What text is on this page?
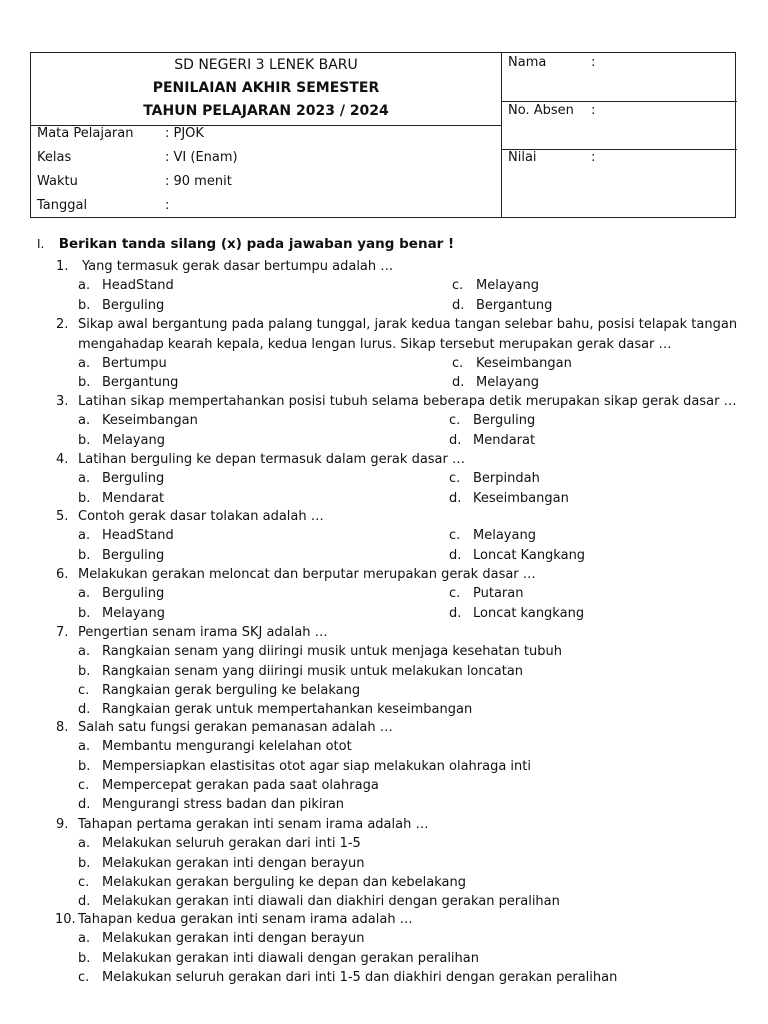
SD NEGERI 3 LENEK BARU
PENILAIAN AKHIR SEMESTER
TAHUN PELAJARAN 2023 / 2024
Mata Pelajaran	: PJOK
Kelas	: VI (Enam)
Waktu	: 90 menit
Tanggal	:
Nama	:
No. Absen :
Nilai	:
I. Berikan tanda silang (x) pada jawaban yang benar !
1. Yang termasuk gerak dasar bertumpu adalah …
a. HeadStand	c. Melayang
b. Berguling	d. Bergantung
2. Sikap awal bergantung pada palang tunggal, jarak kedua tangan selebar bahu, posisi telapak tangan mengahadap kearah kepala, kedua lengan lurus. Sikap tersebut merupakan gerak dasar …
a. Bertumpu	c. Keseimbangan
b. Bergantung	d. Melayang
3. Latihan sikap mempertahankan posisi tubuh selama beberapa detik merupakan sikap gerak dasar …
a. Keseimbangan	c. Berguling
b. Melayang	d. Mendarat
4. Latihan berguling ke depan termasuk dalam gerak dasar …
a. Berguling	c. Berpindah
b. Mendarat	d. Keseimbangan
5. Contoh gerak dasar tolakan adalah …
a. HeadStand	c. Melayang
b. Berguling	d. Loncat Kangkang
6. Melakukan gerakan meloncat dan berputar merupakan gerak dasar …
a. Berguling	c. Putaran
b. Melayang	d. Loncat kangkang
7. Pengertian senam irama SKJ adalah …
a. Rangkaian senam yang diiringi musik untuk menjaga kesehatan tubuh
b. Rangkaian senam yang diiringi musik untuk melakukan loncatan
c. Rangkaian gerak berguling ke belakang
d. Rangkaian gerak untuk mempertahankan keseimbangan
8. Salah satu fungsi gerakan pemanasan adalah …
a. Membantu mengurangi kelelahan otot
b. Mempersiapkan elastisitas otot agar siap melakukan olahraga inti
c. Mempercepat gerakan pada saat olahraga
d. Mengurangi stress badan dan pikiran
9. Tahapan pertama gerakan inti senam irama adalah …
a. Melakukan seluruh gerakan dari inti 1-5
b. Melakukan gerakan inti dengan berayun
c. Melakukan gerakan berguling ke depan dan kebelakang
d. Melakukan gerakan inti diawali dan diakhiri dengan gerakan peralihan
10. Tahapan kedua gerakan inti senam irama adalah …
a. Melakukan gerakan inti dengan berayun
b. Melakukan gerakan inti diawali dengan gerakan peralihan
c. Melakukan seluruh gerakan dari inti 1-5 dan diakhiri dengan gerakan peralihan
